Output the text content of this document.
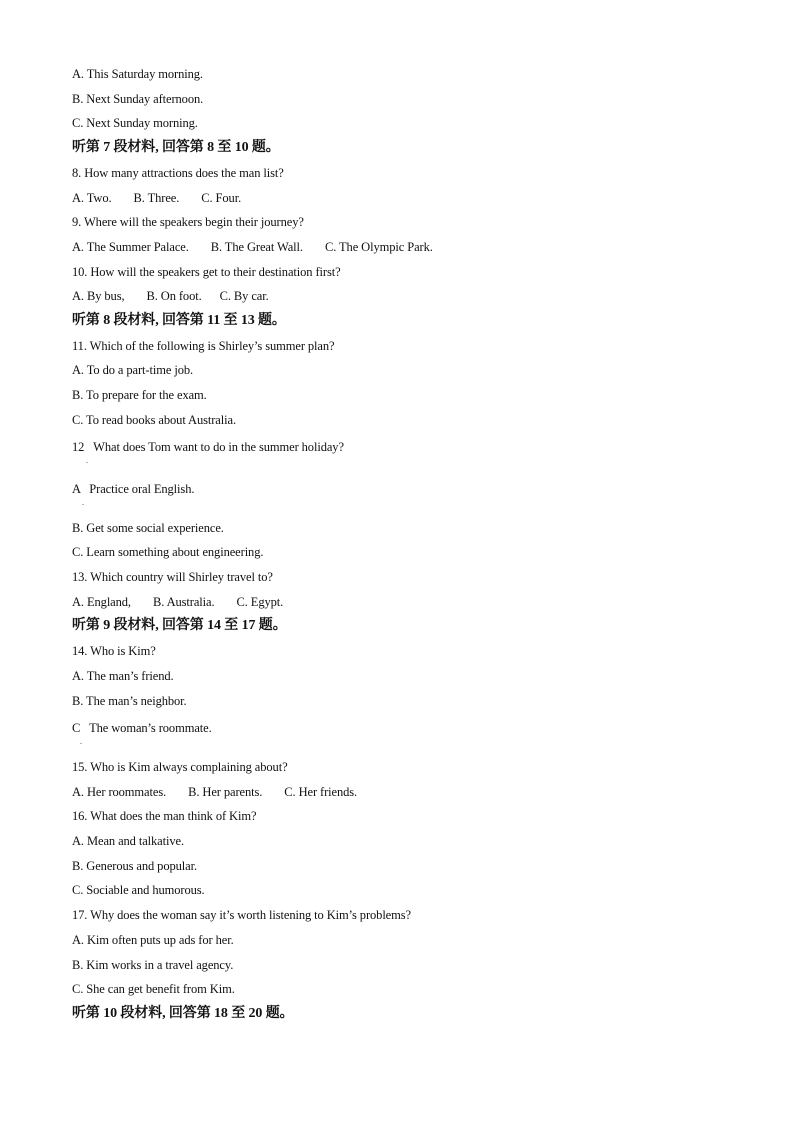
A. This Saturday morning.
B. Next Sunday afternoon.
C. Next Sunday morning.
听第 7 段材料, 回答第 8 至 10 题。
8. How many attractions does the man list?
A. Two. B. Three. C. Four.
9. Where will the speakers begin their journey?
A. The Summer Palace. B. The Great Wall. C. The Olympic Park.
10. How will the speakers get to their destination first?
A. By bus, B. On foot. C. By car.
听第 8 段材料, 回答第 11 至 13 题。
11. Which of the following is Shirley’s summer plan?
A. To do a part-time job.
B. To prepare for the exam.
C. To read books about Australia.
12   What does Tom want to do in the summer holiday?
.
A   Practice oral English.
.
B. Get some social experience.
C. Learn something about engineering.
13. Which country will Shirley travel to?
A. England, B. Australia. C. Egypt.
听第 9 段材料, 回答第 14 至 17 题。
14. Who is Kim?
A. The man’s friend.
B. The man’s neighbor.
C   The woman’s roommate.
.
15. Who is Kim always complaining about?
A. Her roommates. B. Her parents. C. Her friends.
16. What does the man think of Kim?
A. Mean and talkative.
B. Generous and popular.
C. Sociable and humorous.
17. Why does the woman say it’s worth listening to Kim’s problems?
A. Kim often puts up ads for her.
B. Kim works in a travel agency.
C. She can get benefit from Kim.
听第 10 段材料, 回答第 18 至 20 题。
